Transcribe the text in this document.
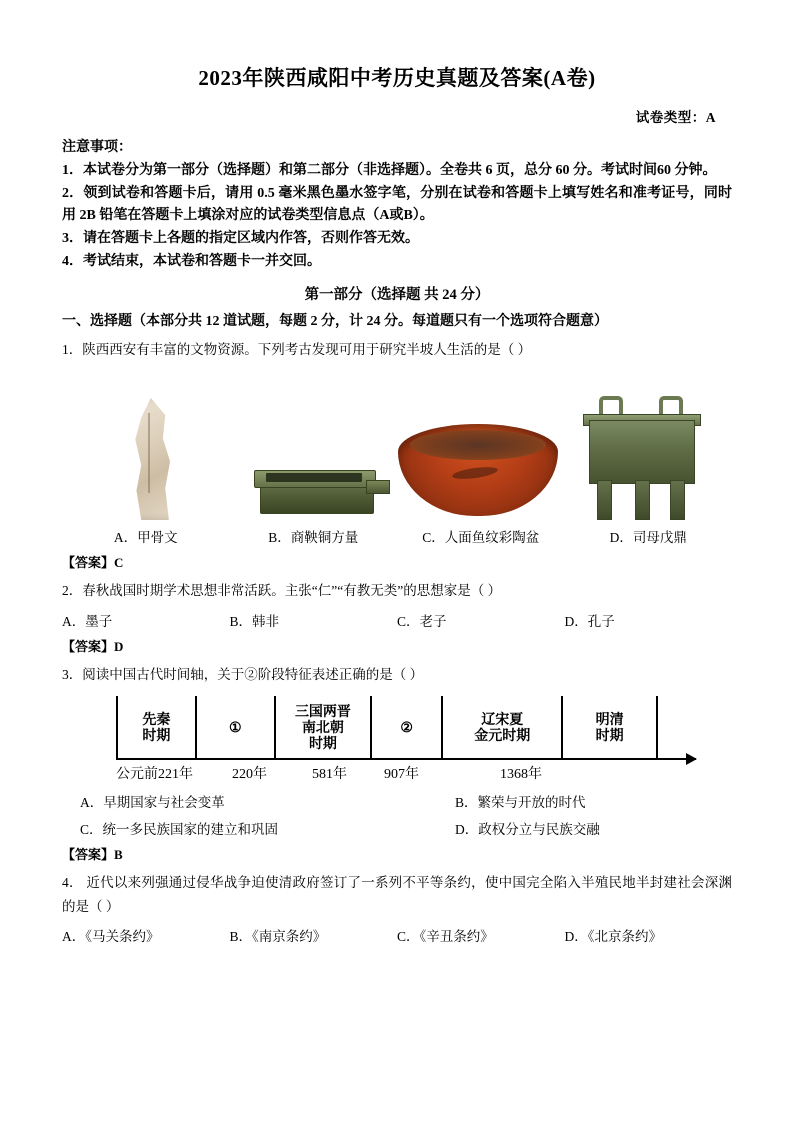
2023年陕西咸阳中考历史真题及答案(A卷)
试卷类型：A
注意事项：

1．本试卷分为第一部分（选择题）和第二部分（非选择题）。全卷共 6 页，总分 60 分。考试时间60 分钟。

2．领到试卷和答题卡后，请用 0.5 毫米黑色墨水签字笔，分别在试卷和答题卡上填写姓名和准考证号，同时用 2B 铅笔在答题卡上填涂对应的试卷类型信息点（A或B）。

3．请在答题卡上各题的指定区域内作答，否则作答无效。

4．考试结束，本试卷和答题卡一并交回。

第一部分（选择题 共 24 分）
一、选择题（本部分共 12 道试题，每题 2 分，计 24 分。每道题只有一个选项符合题意）
1．陕西西安有丰富的文物资源。下列考古发现可用于研究半坡人生活的是（ ）
A．甲骨文	B．商鞅铜方量	C．人面鱼纹彩陶盆	D．司母戊鼎
【答案】C
2．春秋战国时期学术思想非常活跃。主张“仁”“有教无类”的思想家是（ ）
A．墨子	B．韩非	C．老子	D．孔子
【答案】D
3．阅读中国古代时间轴，关于②阶段特征表述正确的是（ ）
先秦
时期
①
三国两晋
南北朝
时期
②
辽宋夏
金元时期
明清
时期
公元前221年	220年	581年	907年	1368年
A．早期国家与社会变革	B．繁荣与开放的时代
C．统一多民族国家的建立和巩固	D．政权分立与民族交融
【答案】B
4． 近代以来列强通过侵华战争迫使清政府签订了一系列不平等条约，使中国完全陷入半殖民地半封建社会深渊的是（ ）
A．《马关条约》	B．《南京条约》	C．《辛丑条约》	D．《北京条约》
